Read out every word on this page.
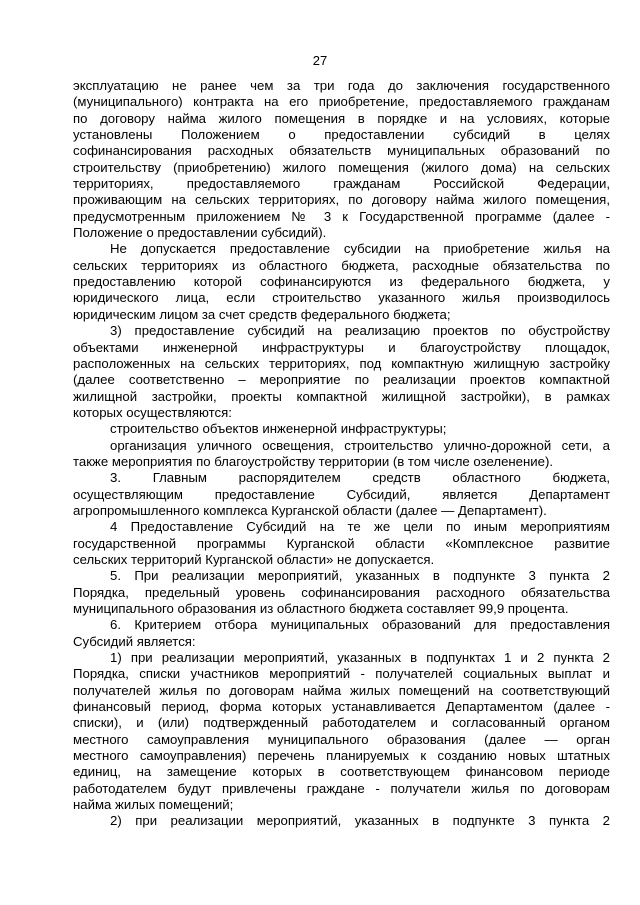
27
эксплуатацию не ранее чем за три года до заключения государственного
(муниципального) контракта на его приобретение, предоставляемого гражданам
по договору найма жилого помещения в порядке и на условиях, которые
установлены Положением о предоставлении субсидий в целях
софинансирования расходных обязательств муниципальных образований по
строительству (приобретению) жилого помещения (жилого дома) на сельских
территориях, предоставляемого гражданам Российской Федерации,
проживающим на сельских территориях, по договору найма жилого помещения,
предусмотренным приложением № 3 к Государственной программе (далее -
Положение о предоставлении субсидий).
Не допускается предоставление субсидии на приобретение жилья на
сельских территориях из областного бюджета, расходные обязательства по
предоставлению которой софинансируются из федерального бюджета, у
юридического лица, если строительство указанного жилья производилось
юридическим лицом за счет средств федерального бюджета;
3) предоставление субсидий на реализацию проектов по обустройству
объектами инженерной инфраструктуры и благоустройству площадок,
расположенных на сельских территориях, под компактную жилищную застройку
(далее соответственно – мероприятие по реализации проектов компактной
жилищной застройки, проекты компактной жилищной застройки), в рамках
которых осуществляются:
строительство объектов инженерной инфраструктуры;
организация уличного освещения, строительство улично-дорожной сети, а
также мероприятия по благоустройству территории (в том числе озеленение).
3. Главным распорядителем средств областного бюджета,
осуществляющим предоставление Субсидий, является Департамент
агропромышленного комплекса Курганской области (далее — Департамент).
4 Предоставление Субсидий на те же цели по иным мероприятиям
государственной программы Курганской области «Комплексное развитие
сельских территорий Курганской области» не допускается.
5. При реализации мероприятий, указанных в подпункте 3 пункта 2
Порядка, предельный уровень софинансирования расходного обязательства
муниципального образования из областного бюджета составляет 99,9 процента.
6. Критерием отбора муниципальных образований для предоставления
Субсидий является:
1) при реализации мероприятий, указанных в подпунктах 1 и 2 пункта 2
Порядка, списки участников мероприятий - получателей социальных выплат и
получателей жилья по договорам найма жилых помещений на соответствующий
финансовый период, форма которых устанавливается Департаментом (далее -
списки), и (или) подтвержденный работодателем и согласованный органом
местного самоуправления муниципального образования (далее — орган
местного самоуправления) перечень планируемых к созданию новых штатных
единиц, на замещение которых в соответствующем финансовом периоде
работодателем будут привлечены граждане - получатели жилья по договорам
найма жилых помещений;
2) при реализации мероприятий, указанных в подпункте 3 пункта 2
